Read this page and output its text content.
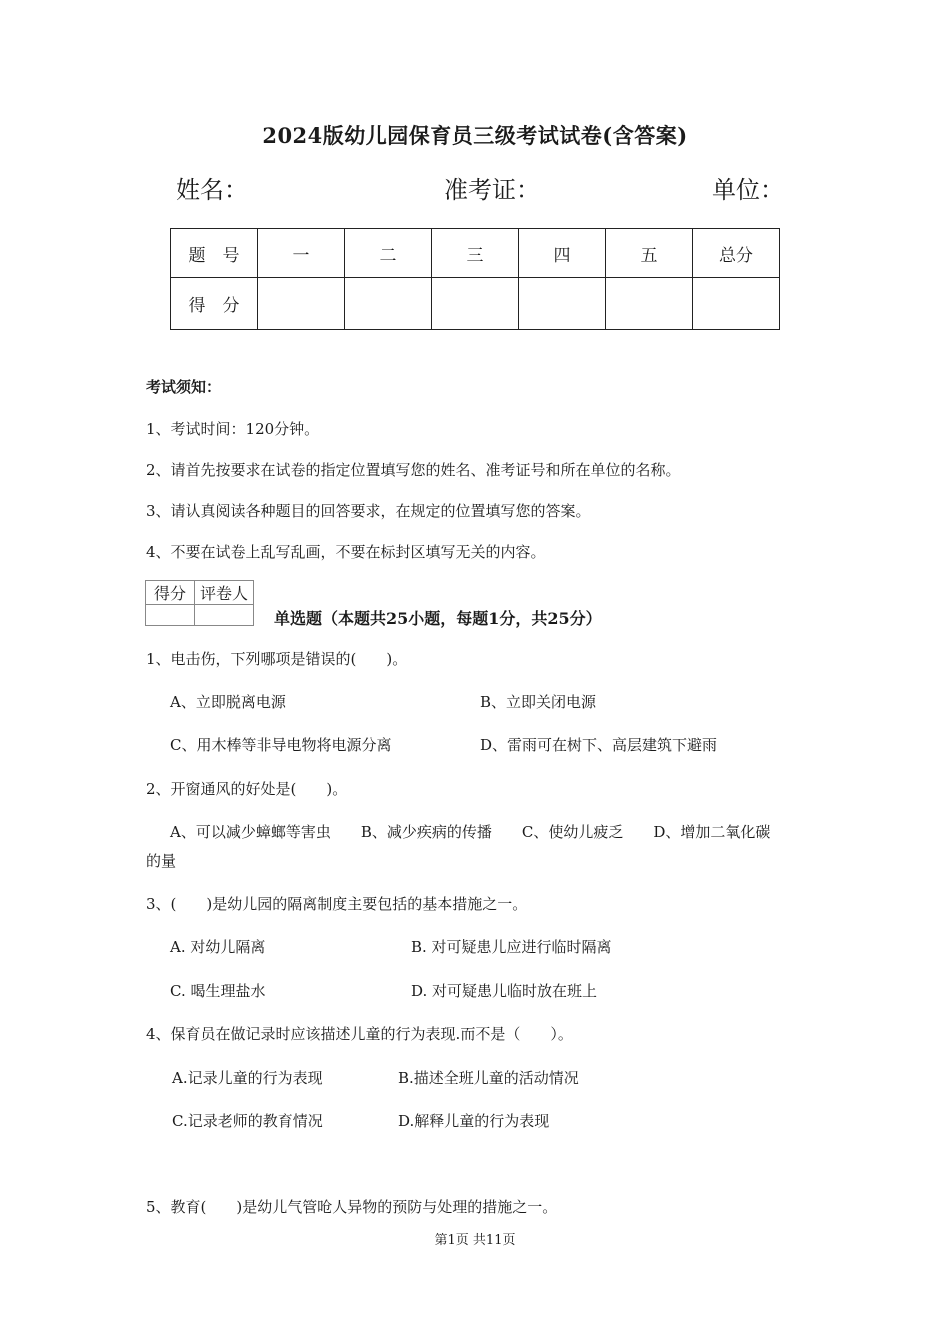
2024版幼儿园保育员三级考试试卷(含答案)
姓名：	准考证：	单位：
题　号	一	二	三	四	五	总分
得　分						
考试须知：
1、考试时间：120分钟。
2、请首先按要求在试卷的指定位置填写您的姓名、准考证号和所在单位的名称。
3、请认真阅读各种题目的回答要求，在规定的位置填写您的答案。
4、不要在试卷上乱写乱画，不要在标封区填写无关的内容。
得分	评卷人

单选题（本题共25小题，每题1分，共25分）
1、电击伤，下列哪项是错误的(　　)。
A、立即脱离电源	B、立即关闭电源
C、用木棒等非导电物将电源分离	D、雷雨可在树下、高层建筑下避雨
2、开窗通风的好处是(　　)。
A、可以减少蟑螂等害虫　　B、减少疾病的传播　　C、使幼儿疲乏　　D、增加二氧化碳
的量
3、(　　)是幼儿园的隔离制度主要包括的基本措施之一。
A. 对幼儿隔离	B. 对可疑患儿应进行临时隔离
C. 喝生理盐水	D. 对可疑患儿临时放在班上
4、保育员在做记录时应该描述儿童的行为表现.而不是（　　）。
A.记录儿童的行为表现	B.描述全班儿童的活动情况
C.记录老师的教育情况	D.解释儿童的行为表现
5、教育(　　)是幼儿气管呛人异物的预防与处理的措施之一。
第1页 共11页
